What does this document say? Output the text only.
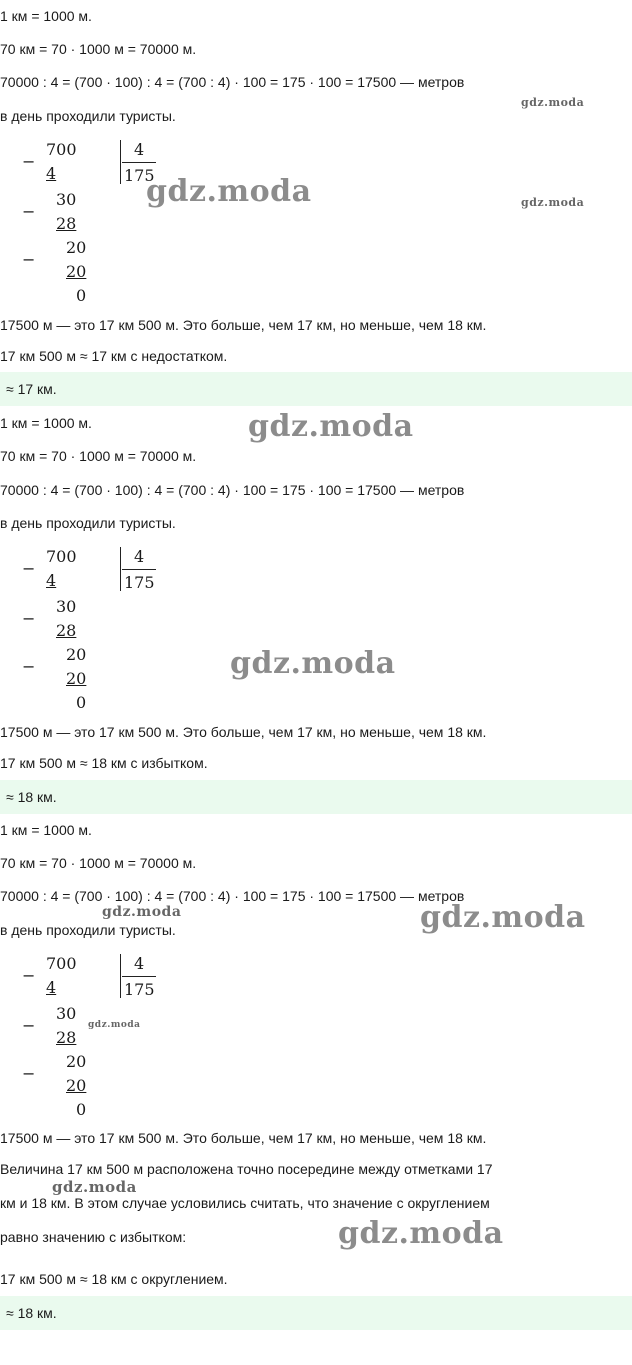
1 км = 1000 м.
70 км = 70 · 1000 м = 70000 м.
70000 : 4 = (700 · 100) : 4 = (700 : 4) · 100 = 175 · 100 = 17500 — метров
в день проходили туристы.
700	4
175
−
4
30
−
28
20
−
20
0
17500 м — это 17 км 500 м. Это больше, чем 17 км, но меньше, чем 18 км.
17 км 500 м ≈ 17 км с недостатком.
≈ 17 км.
1 км = 1000 м.
70 км = 70 · 1000 м = 70000 м.
70000 : 4 = (700 · 100) : 4 = (700 : 4) · 100 = 175 · 100 = 17500 — метров
в день проходили туристы.
700	4
175
−
4
30
−
28
20
−
20
0
17500 м — это 17 км 500 м. Это больше, чем 17 км, но меньше, чем 18 км.
17 км 500 м ≈ 18 км с избытком.
≈ 18 км.
1 км = 1000 м.
70 км = 70 · 1000 м = 70000 м.
70000 : 4 = (700 · 100) : 4 = (700 : 4) · 100 = 175 · 100 = 17500 — метров
в день проходили туристы.
700	4
175
−
4
30
−
28
20
−
20
0
17500 м — это 17 км 500 м. Это больше, чем 17 км, но меньше, чем 18 км.
Величина 17 км 500 м расположена точно посередине между отметками 17
км и 18 км. В этом случае условились считать, что значение с округлением
равно значению с избытком:
17 км 500 м ≈ 18 км с округлением.
≈ 18 км.
gdz.moda
gdz.moda	gdz.moda
gdz.moda
gdz.moda
gdz.moda	gdz.moda
gdz.moda
gdz.moda
gdz.moda
